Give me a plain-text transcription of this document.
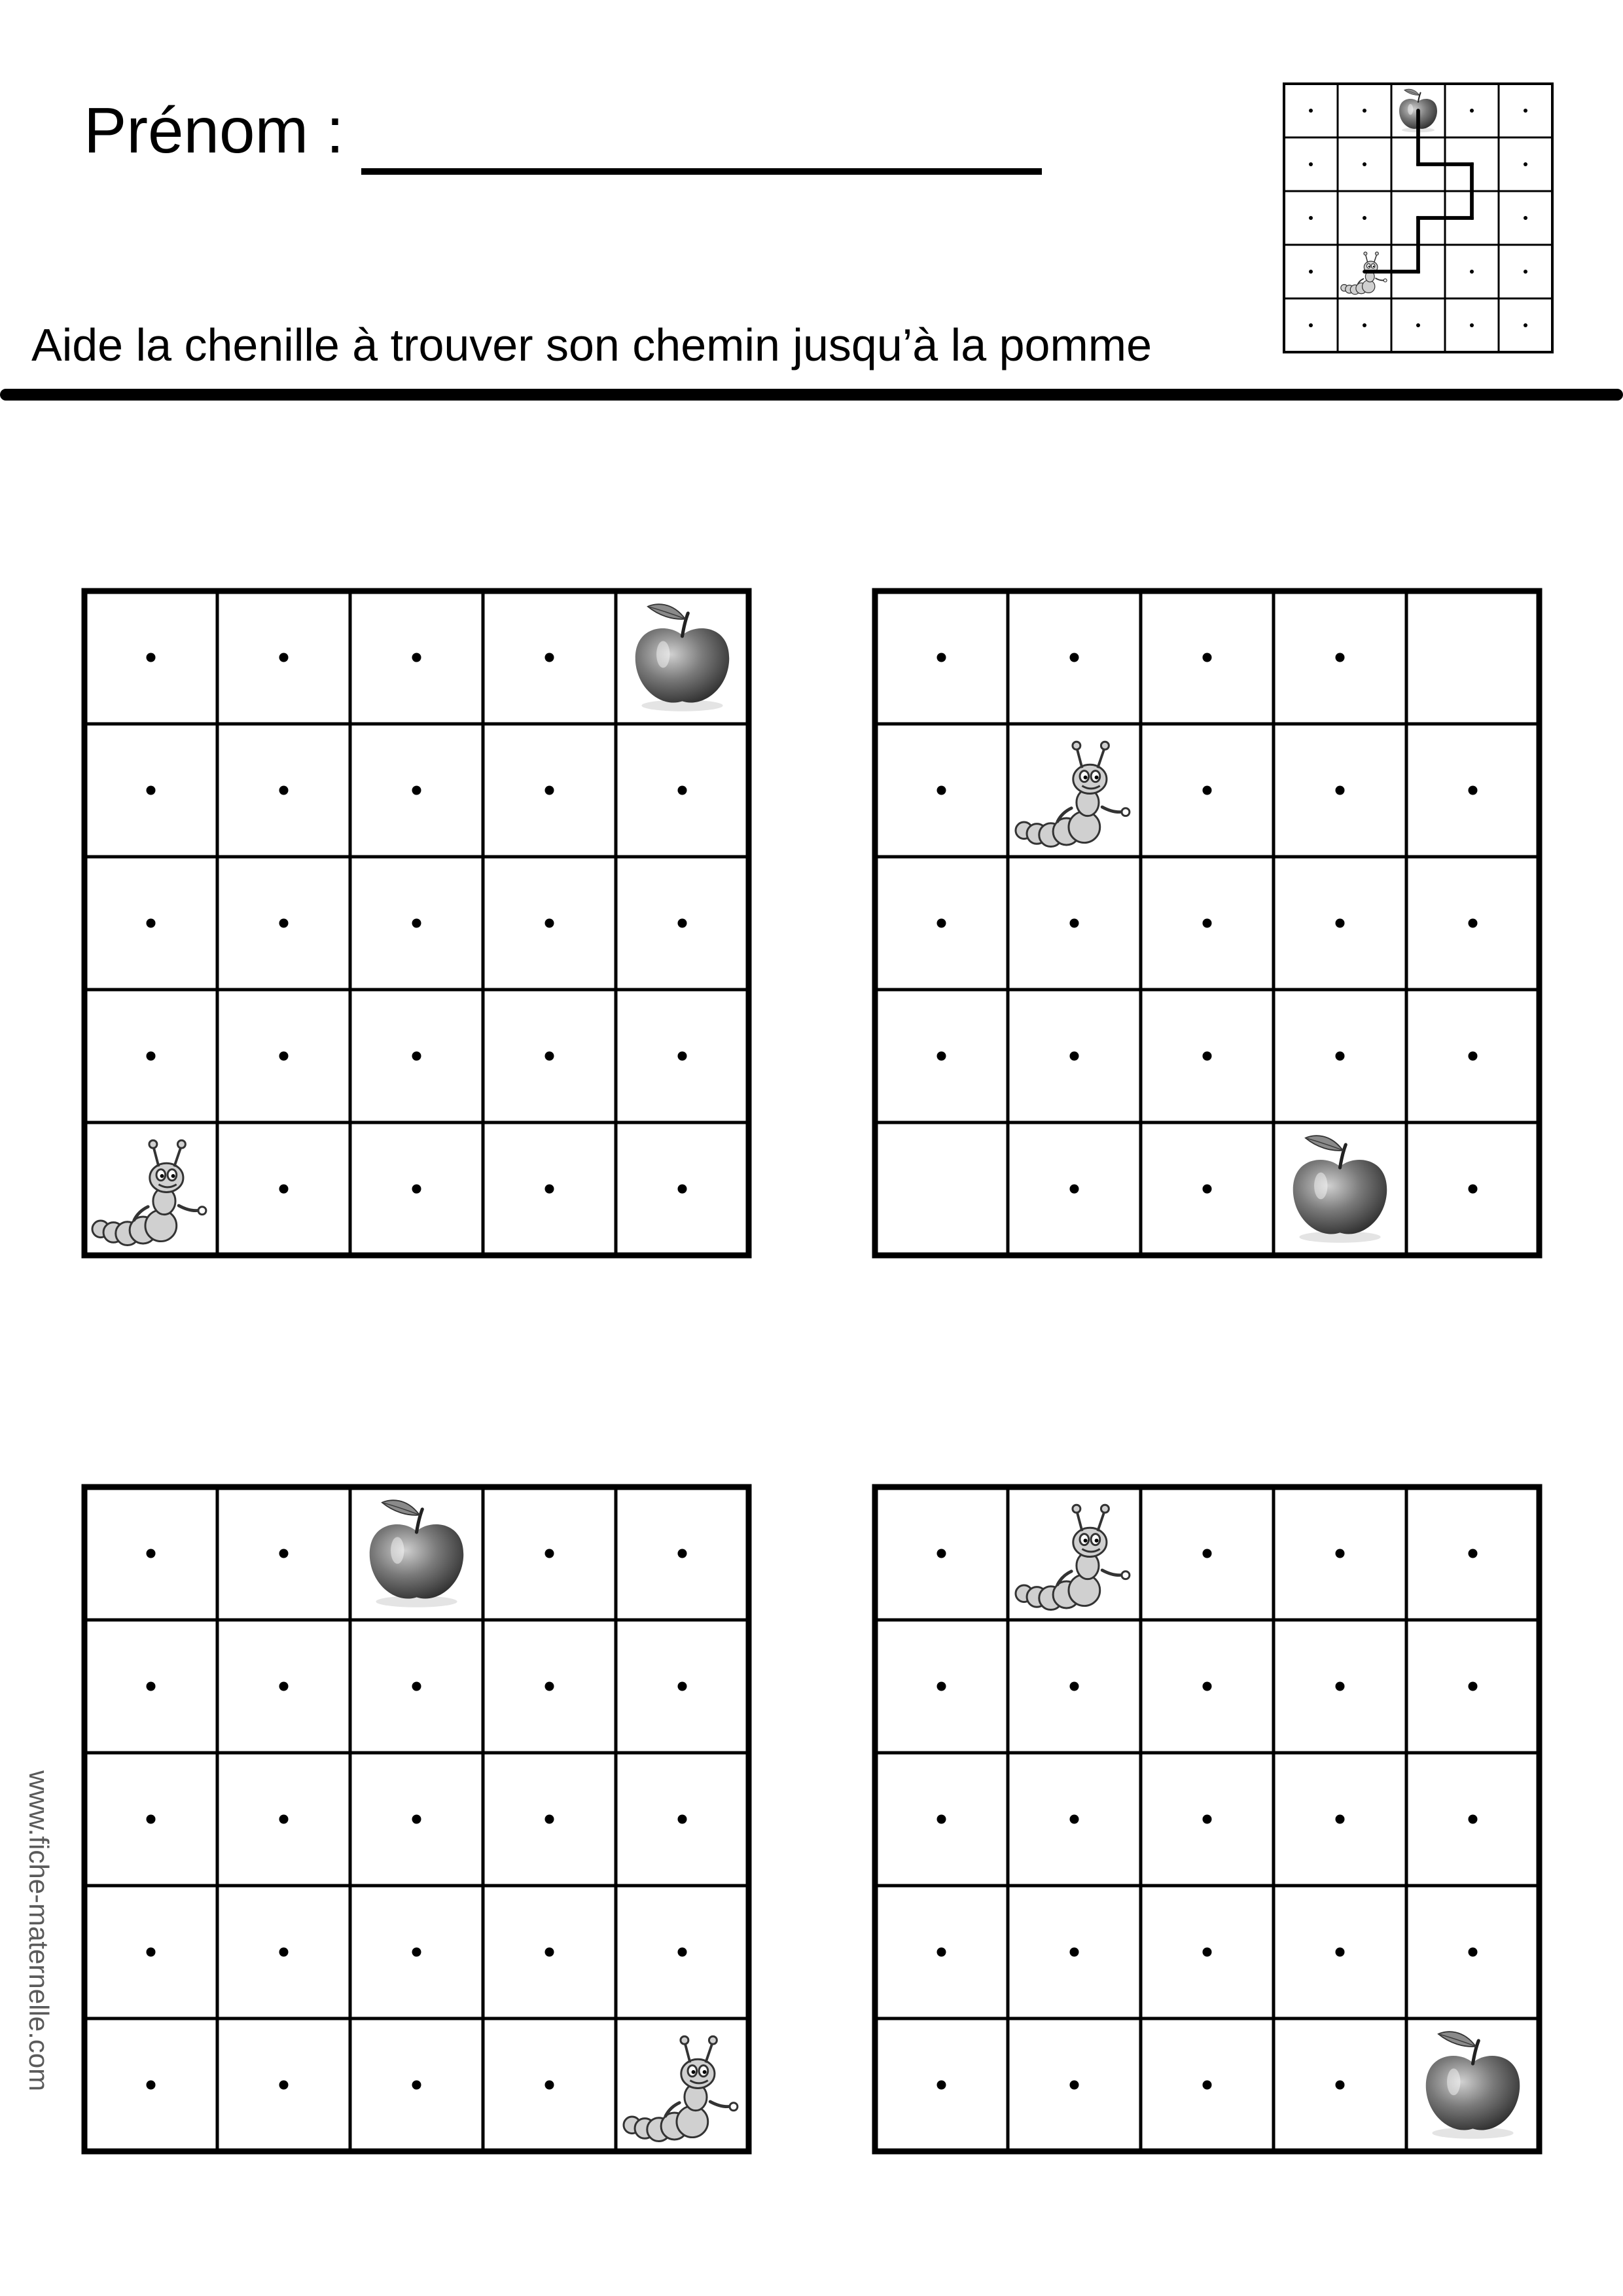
Prénom :
Aide la chenille à trouver son chemin jusqu’à la pomme
www.fiche-maternelle.com
